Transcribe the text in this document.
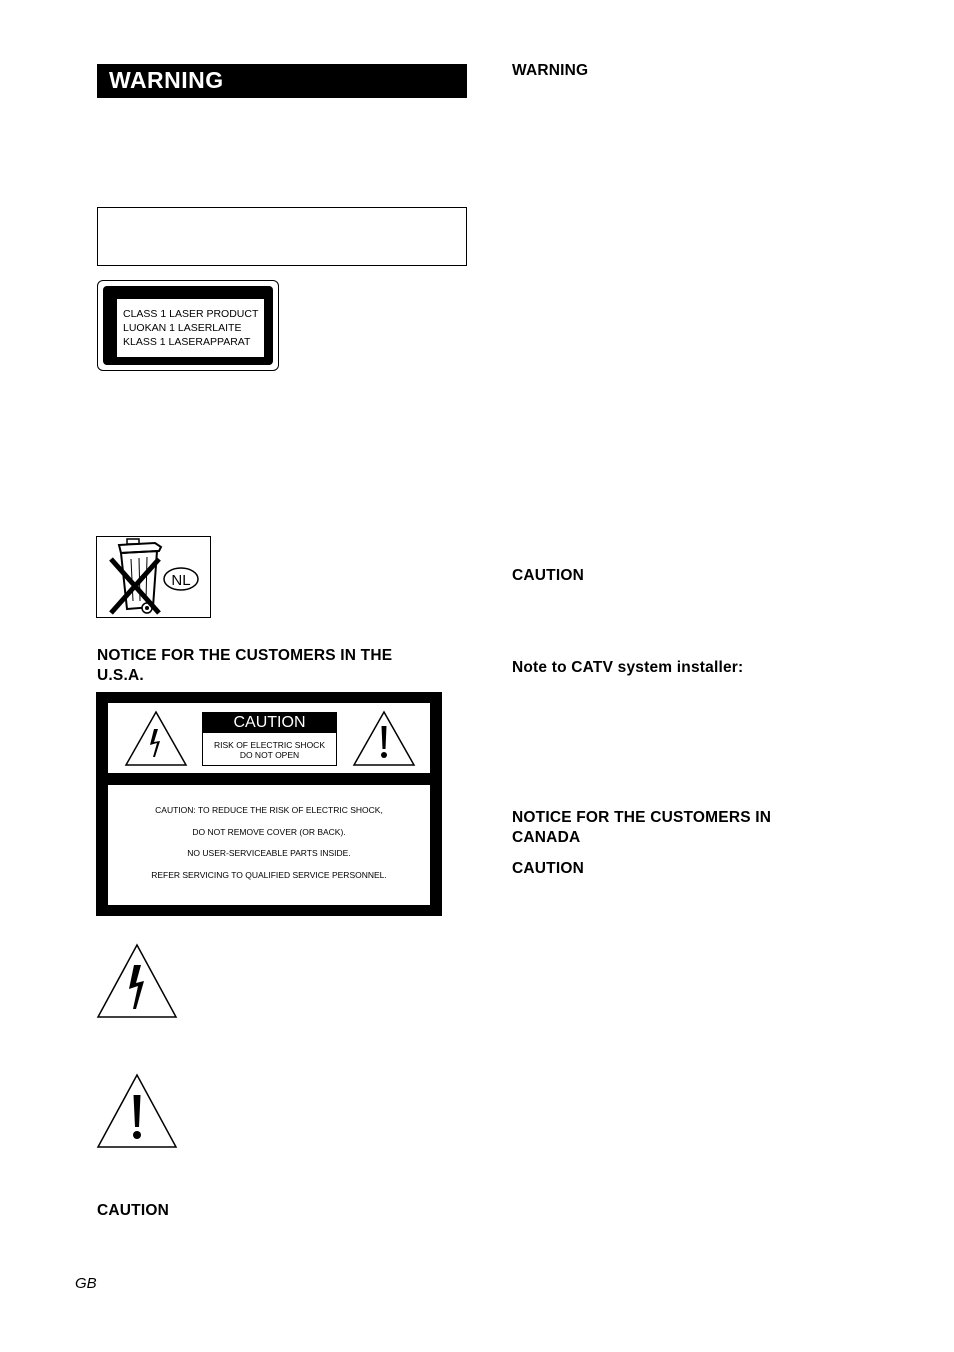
WARNING
CLASS 1 LASER PRODUCT
LUOKAN 1 LASERLAITE
KLASS 1 LASERAPPARAT
NL
NOTICE FOR THE CUSTOMERS IN THE
U.S.A.
CAUTION
RISK OF ELECTRIC SHOCK
DO NOT OPEN
CAUTION: TO REDUCE THE RISK OF ELECTRIC SHOCK,
DO NOT REMOVE COVER (OR BACK).
NO USER-SERVICEABLE PARTS INSIDE.
REFER SERVICING TO QUALIFIED SERVICE PERSONNEL.
CAUTION
GB
WARNING
CAUTION
Note to CATV system installer:
NOTICE FOR THE CUSTOMERS IN
CANADA
CAUTION
